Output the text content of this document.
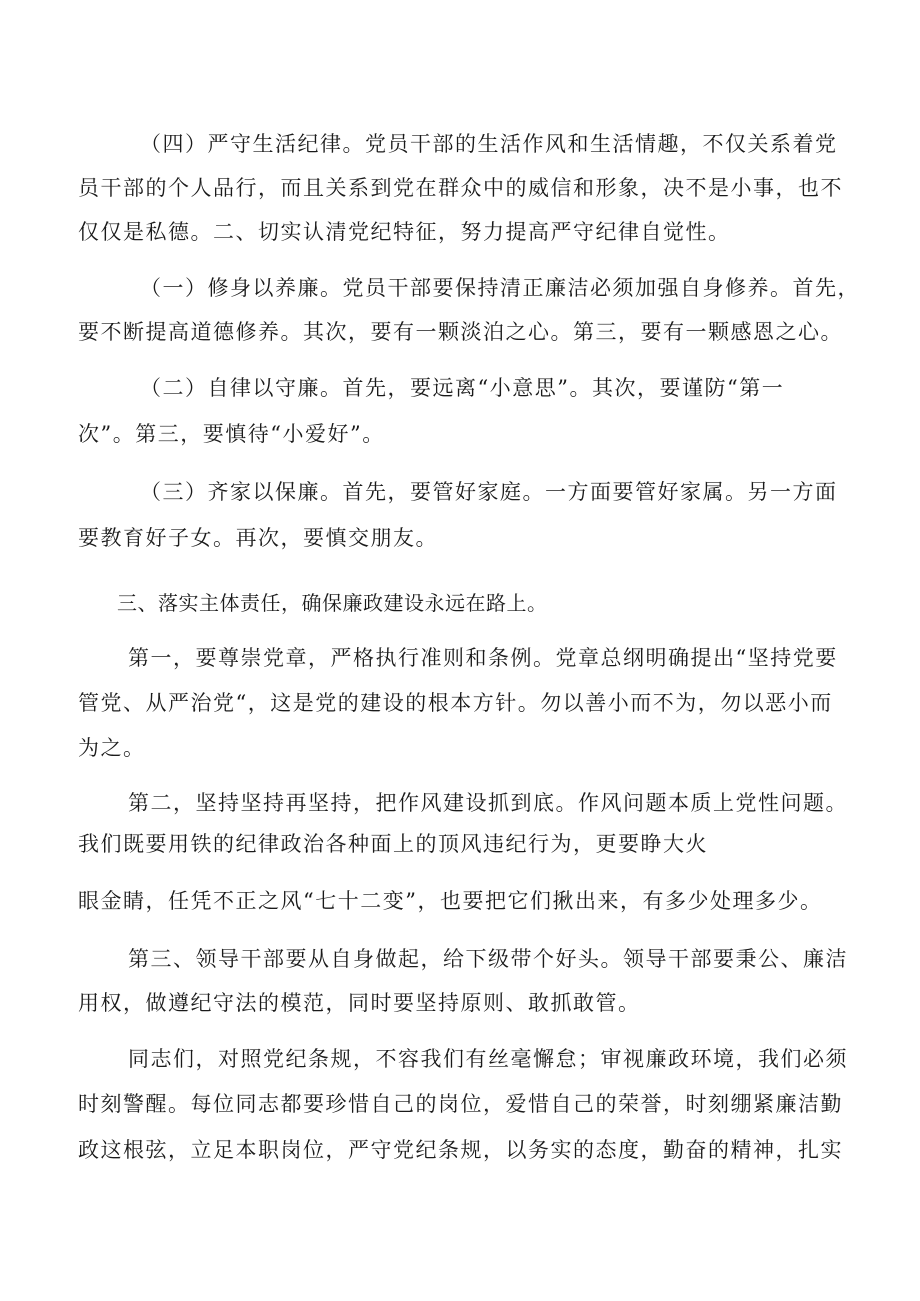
（四）严守生活纪律。党员干部的生活作风和生活情趣，不仅关系着党
员干部的个人品行，而且关系到党在群众中的威信和形象，决不是小事，也不
仅仅是私德。二、切实认清党纪特征，努力提高严守纪律自觉性。
（一）修身以养廉。党员干部要保持清正廉洁必须加强自身修养。首先，
要不断提高道德修养。其次，要有一颗淡泊之心。第三，要有一颗感恩之心。
（二）自律以守廉。首先，要远离“小意思”。其次，要谨防“第一
次”。第三，要慎待“小爱好”。
（三）齐家以保廉。首先，要管好家庭。一方面要管好家属。另一方面
要教育好子女。再次，要慎交朋友。
三、落实主体责任，确保廉政建设永远在路上。
第一，要尊崇党章，严格执行准则和条例。党章总纲明确提出“坚持党要
管党、从严治党“，这是党的建设的根本方针。勿以善小而不为，勿以恶小而
为之。
第二，坚持坚持再坚持，把作风建设抓到底。作风问题本质上党性问题。
我们既要用铁的纪律政治各种面上的顶风违纪行为，更要睁大火
眼金睛，任凭不正之风“七十二变”，也要把它们揪出来，有多少处理多少。
第三、领导干部要从自身做起，给下级带个好头。领导干部要秉公、廉洁
用权，做遵纪守法的模范，同时要坚持原则、敢抓敢管。
同志们，对照党纪条规，不容我们有丝毫懈怠；审视廉政环境，我们必须
时刻警醒。每位同志都要珍惜自己的岗位，爱惜自己的荣誉，时刻绷紧廉洁勤
政这根弦，立足本职岗位，严守党纪条规，以务实的态度，勤奋的精神，扎实
